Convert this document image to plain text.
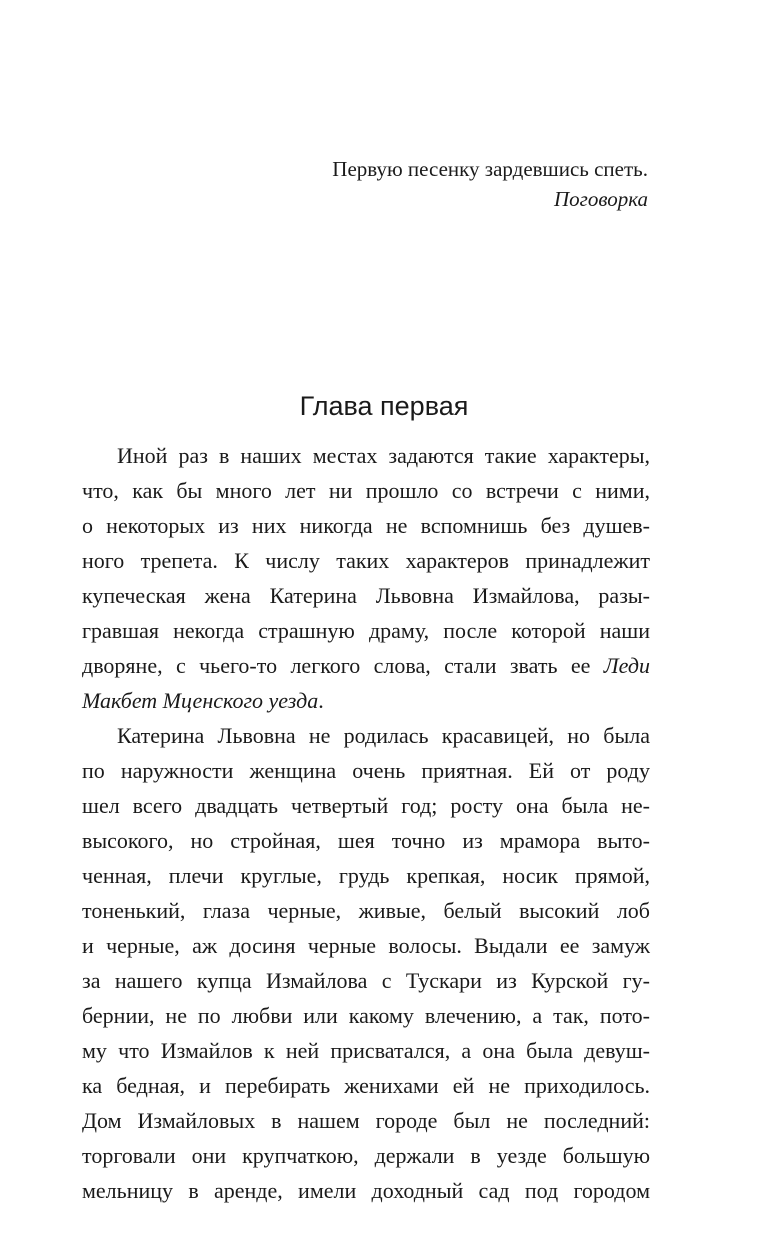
Первую песенку зардевшись спеть.
Поговорка
Глава первая
Иной раз в наших местах задаются такие характеры,
что, как бы много лет ни прошло со встречи с ними,
о некоторых из них никогда не вспомнишь без душев-
ного трепета. К числу таких характеров принадлежит
купеческая жена Катерина Львовна Измайлова, разы-
гравшая некогда страшную драму, после которой наши
дворяне, с чьего-то легкого слова, стали звать ее Леди
Макбет Мценского уезда.
Катерина Львовна не родилась красавицей, но была
по наружности женщина очень приятная. Ей от роду
шел всего двадцать четвертый год; росту она была не-
высокого, но стройная, шея точно из мрамора выто-
ченная, плечи круглые, грудь крепкая, носик прямой,
тоненький, глаза черные, живые, белый высокий лоб
и черные, аж досиня черные волосы. Выдали ее замуж
за нашего купца Измайлова с Тускари из Курской гу-
бернии, не по любви или какому влечению, а так, пото-
му что Измайлов к ней присватался, а она была девуш-
ка бедная, и перебирать женихами ей не приходилось.
Дом Измайловых в нашем городе был не последний:
торговали они крупчаткою, держали в уезде большую
мельницу в аренде, имели доходный сад под городом
